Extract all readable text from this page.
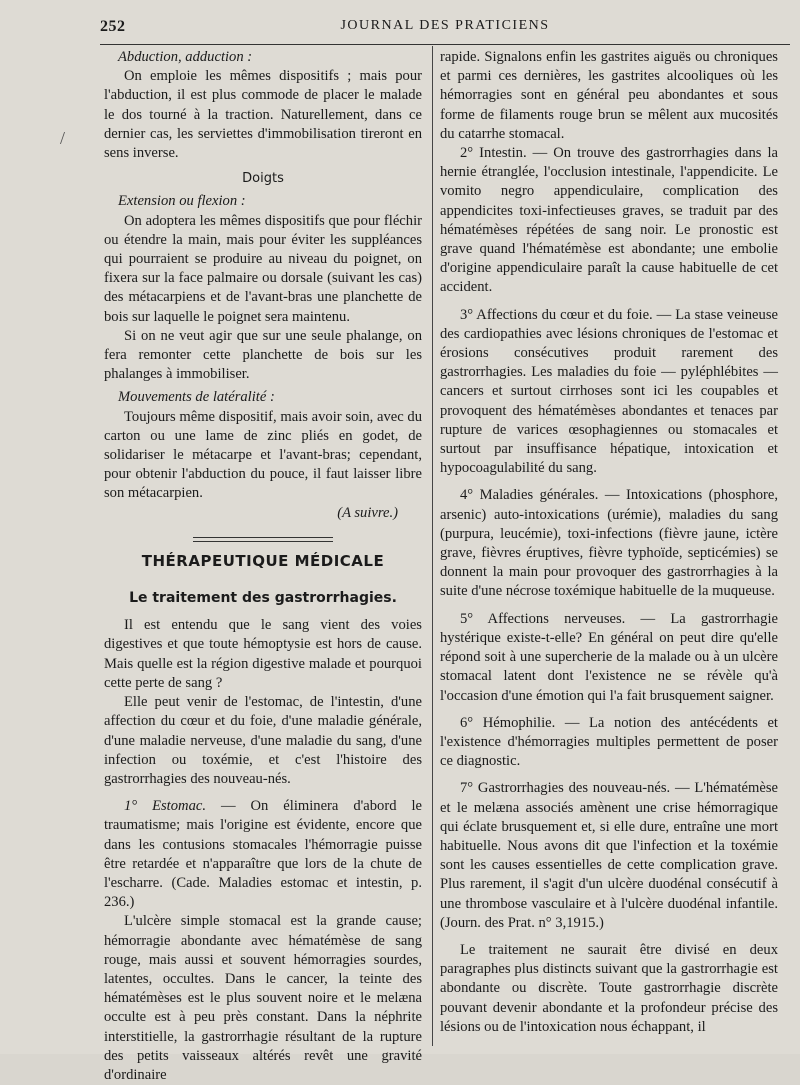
252	JOURNAL DES PRATICIENS
/

Abduction, adduction :

On emploie les mêmes dispositifs ; mais pour l'abduction, il est plus commode de placer le malade le dos tourné à la traction. Naturellement, dans ce dernier cas, les serviettes d'immobilisation tireront en sens inverse.

Doigts

Extension ou flexion :

On adoptera les mêmes dispositifs que pour fléchir ou étendre la main, mais pour éviter les suppléances qui pourraient se produire au niveau du poignet, on fixera sur la face palmaire ou dorsale (suivant les cas) des métacarpiens et de l'avant-bras une planchette de bois sur laquelle le poignet sera maintenu.

Si on ne veut agir que sur une seule phalange, on fera remonter cette planchette de bois sur les phalanges à immobiliser.

Mouvements de latéralité :

Toujours même dispositif, mais avoir soin, avec du carton ou une lame de zinc pliés en godet, de solidariser le métacarpe et l'avant-bras; cependant, pour obtenir l'abduction du pouce, il faut laisser libre son métacarpien.

(A suivre.)

THÉRAPEUTIQUE MÉDICALE
Le traitement des gastrorrhagies.

Il est entendu que le sang vient des voies digestives et que toute hémoptysie est hors de cause. Mais quelle est la région digestive malade et pourquoi cette perte de sang ?

Elle peut venir de l'estomac, de l'intestin, d'une affection du cœur et du foie, d'une maladie générale, d'une maladie nerveuse, d'une maladie du sang, d'une infection ou toxémie, et c'est l'histoire des gastrorrhagies des nouveau-nés.

1° Estomac. — On éliminera d'abord le traumatisme; mais l'origine est évidente, encore que dans les contusions stomacales l'hémorragie puisse être retardée et n'apparaître que lors de la chute de l'escharre. (Cade. Maladies estomac et intestin, p. 236.)

L'ulcère simple stomacal est la grande cause; hémorragie abondante avec hématémèse de sang rouge, mais aussi et souvent hémorragies sourdes, latentes, occultes. Dans le cancer, la teinte des hématémèses est le plus souvent noire et le melæna occulte est à peu près constant. Dans la néphrite interstitielle, la gastrorrhagie résultant de la rupture des petits vaisseaux altérés revêt une gravité d'ordinaire

rapide. Signalons enfin les gastrites aiguës ou chroniques et parmi ces dernières, les gastrites alcooliques où les hémorragies sont en général peu abondantes et sous forme de filaments rouge brun se mêlent aux mucosités du catarrhe stomacal.

2° Intestin. — On trouve des gastrorrhagies dans la hernie étranglée, l'occlusion intestinale, l'appendicite. Le vomito negro appendiculaire, complication des appendicites toxi-infectieuses graves, se traduit par des hématémèses répétées de sang noir. Le pronostic est grave quand l'hématémèse est abondante; une embolie d'origine appendiculaire paraît la cause habituelle de cet accident.

3° Affections du cœur et du foie. — La stase veineuse des cardiopathies avec lésions chroniques de l'estomac et érosions consécutives produit rarement des gastrorrhagies. Les maladies du foie — pyléphlébites — cancers et surtout cirrhoses sont ici les coupables et provoquent des hématémèses abondantes et tenaces par rupture de varices œsophagiennes ou stomacales et surtout par insuffisance hépatique, intoxication et hypocoagulabilité du sang.

4° Maladies générales. — Intoxications (phosphore, arsenic) auto-intoxications (urémie), maladies du sang (purpura, leucémie), toxi-infections (fièvre jaune, ictère grave, fièvres éruptives, fièvre typhoïde, septicémies) se donnent la main pour provoquer des gastrorrhagies à la suite d'une nécrose toxémique habituelle de la muqueuse.

5° Affections nerveuses. — La gastrorrhagie hystérique existe-t-elle? En général on peut dire qu'elle répond soit à une supercherie de la malade ou à un ulcère stomacal latent dont l'existence ne se révèle qu'à l'occasion d'une émotion qui l'a fait brusquement saigner.

6° Hémophilie. — La notion des antécédents et l'existence d'hémorragies multiples permettent de poser ce diagnostic.

7° Gastrorrhagies des nouveau-nés. — L'hématémèse et le melæna associés amènent une crise hémorragique qui éclate brusquement et, si elle dure, entraîne une mort habituelle. Nous avons dit que l'infection et la toxémie sont les causes essentielles de cette complication grave. Plus rarement, il s'agit d'un ulcère duodénal consécutif à une thrombose vasculaire et à l'ulcère duodénal infantile. (Journ. des Prat. n° 3,1915.)

Le traitement ne saurait être divisé en deux paragraphes plus distincts suivant que la gastrorrhagie est abondante ou discrète. Toute gastrorrhagie discrète pouvant devenir abondante et la profondeur précise des lésions ou de l'intoxication nous échappant, il
